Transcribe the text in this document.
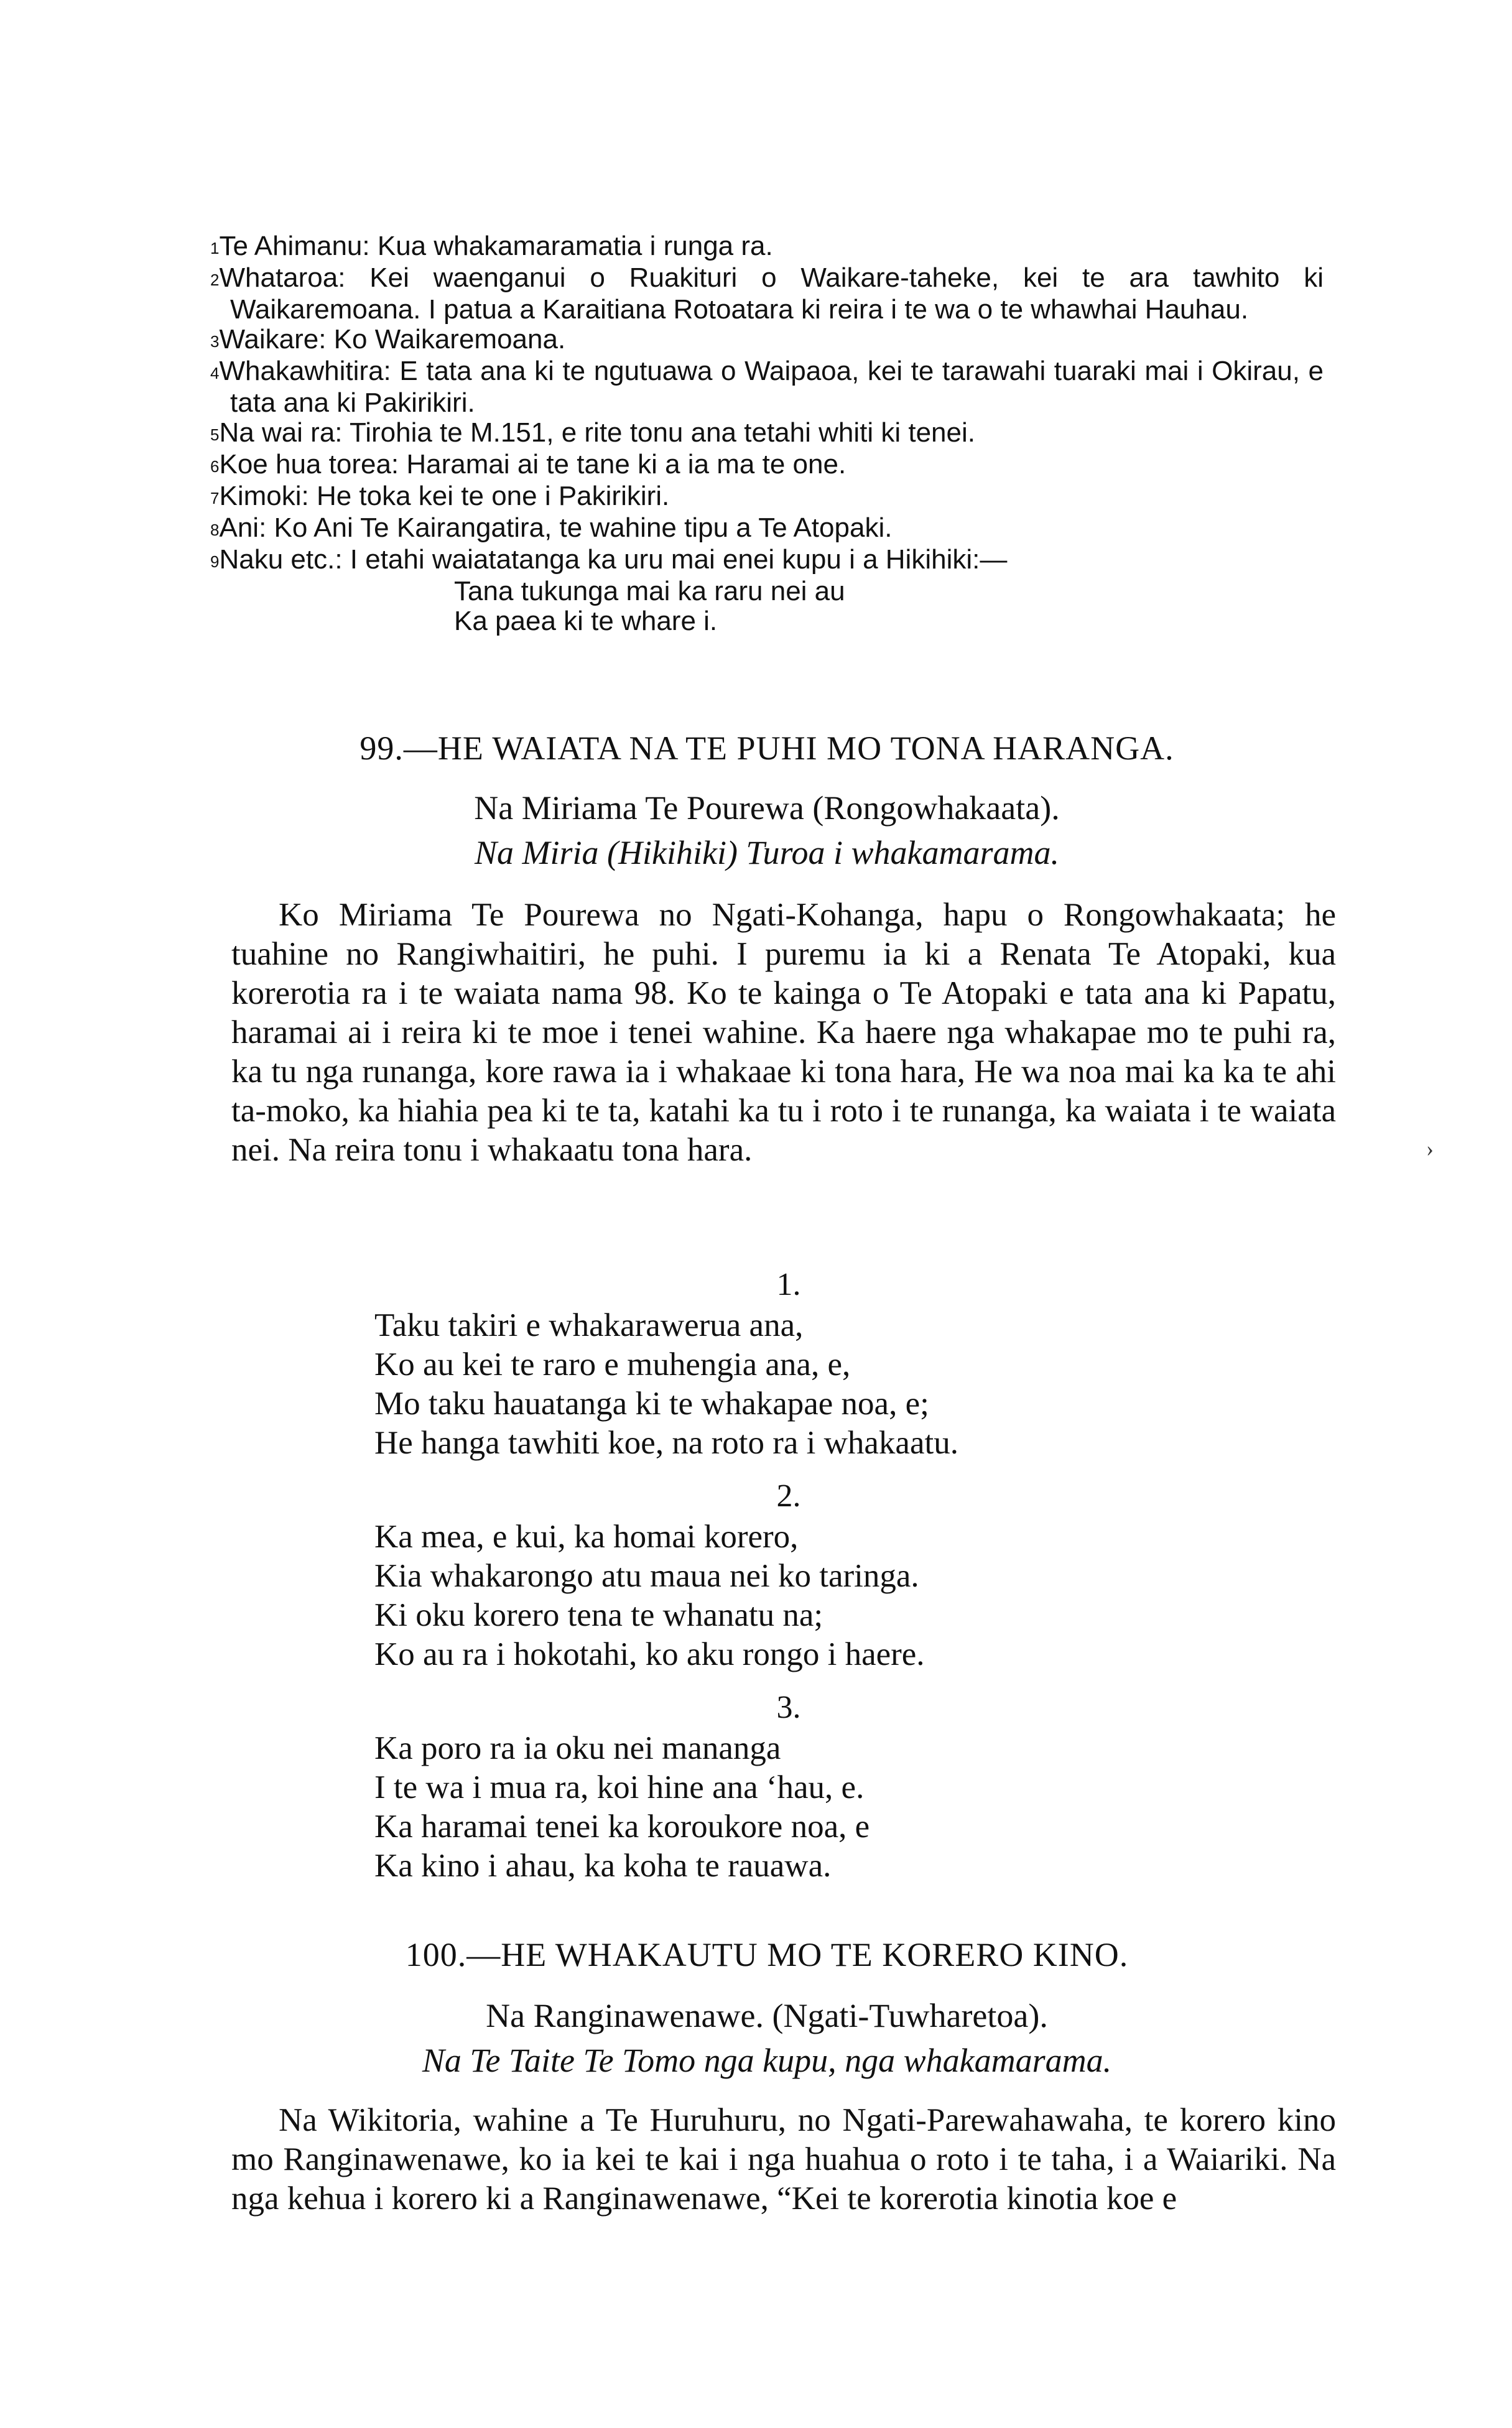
1Te Ahimanu: Kua whakamaramatia i runga ra.
2Whataroa: Kei waenganui o Ruakituri o Waikare-taheke, kei te ara tawhito ki Waikaremoana. I patua a Karaitiana Rotoatara ki reira i te wa o te whawhai Hauhau.
3Waikare: Ko Waikaremoana.
4Whakawhitira: E tata ana ki te ngutuawa o Waipaoa, kei te tarawahi tuaraki mai i Okirau, e tata ana ki Pakirikiri.
5Na wai ra: Tirohia te M.151, e rite tonu ana tetahi whiti ki tenei.
6Koe hua torea: Haramai ai te tane ki a ia ma te one.
7Kimoki: He toka kei te one i Pakirikiri.
8Ani: Ko Ani Te Kairangatira, te wahine tipu a Te Atopaki.
9Naku etc.: I etahi waiatatanga ka uru mai enei kupu i a Hikihiki:—
Tana tukunga mai ka raru nei au
Ka paea ki te whare i.
99.—HE WAIATA NA TE PUHI MO TONA HARANGA.
Na Miriama Te Pourewa (Rongowhakaata).
Na Miria (Hikihiki) Turoa i whakamarama.
Ko Miriama Te Pourewa no Ngati-Kohanga, hapu o Rongowhakaata; he tuahine no Rangiwhaitiri, he puhi. I puremu ia ki a Renata Te Atopaki, kua korerotia ra i te waiata nama 98. Ko te kainga o Te Atopaki e tata ana ki Papatu, haramai ai i reira ki te moe i tenei wahine. Ka haere nga whakapae mo te puhi ra, ka tu nga runanga, kore rawa ia i whakaae ki tona hara, He wa noa mai ka ka te ahi ta-moko, ka hiahia pea ki te ta, katahi ka tu i roto i te runanga, ka waiata i te waiata nei. Na reira tonu i whakaatu tona hara.
1.
Taku takiri e whakarawerua ana,
Ko au kei te raro e muhengia ana, e,
Mo taku hauatanga ki te whakapae noa, e;
He hanga tawhiti koe, na roto ra i whakaatu.
2.
Ka mea, e kui, ka homai korero,
Kia whakarongo atu maua nei ko taringa.
Ki oku korero tena te whanatu na;
Ko au ra i hokotahi, ko aku rongo i haere.
3.
Ka poro ra ia oku nei mananga
I te wa i mua ra, koi hine ana ‘hau, e.
Ka haramai tenei ka koroukore noa, e
Ka kino i ahau, ka koha te rauawa.
100.—HE WHAKAUTU MO TE KORERO KINO.
Na Ranginawenawe. (Ngati-Tuwharetoa).
Na Te Taite Te Tomo nga kupu, nga whakamarama.
Na Wikitoria, wahine a Te Huruhuru, no Ngati-Parewahawaha, te korero kino mo Ranginawenawe, ko ia kei te kai i nga huahua o roto i te taha, i a Waiariki. Na nga kehua i korero ki a Ranginawenawe, “Kei te korerotia kinotia koe e
›
